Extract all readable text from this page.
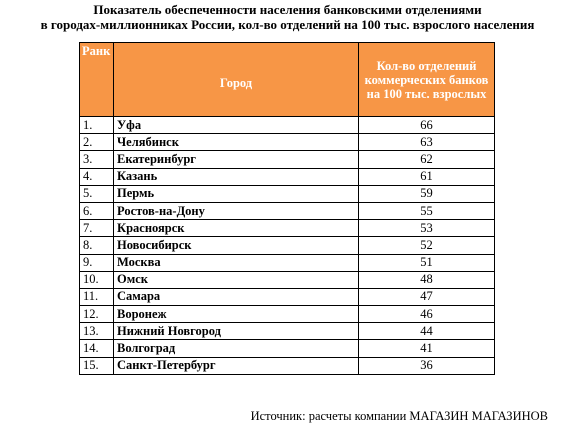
Показатель обеспеченности населения банковскими отделениями
в городах-миллионниках России, кол-во отделений на 100 тыс. взрослого населения
Ранк	Город	Кол-во отделений коммерческих банков на 100 тыс. взрослых
1.	Уфа	66
2.	Челябинск	63
3.	Екатеринбург	62
4.	Казань	61
5.	Пермь	59
6.	Ростов-на-Дону	55
7.	Красноярск	53
8.	Новосибирск	52
9.	Москва	51
10.	Омск	48
11.	Самара	47
12.	Воронеж	46
13.	Нижний Новгород	44
14.	Волгоград	41
15.	Санкт-Петербург	36
Источник: расчеты компании МАГАЗИН МАГАЗИНОВ
